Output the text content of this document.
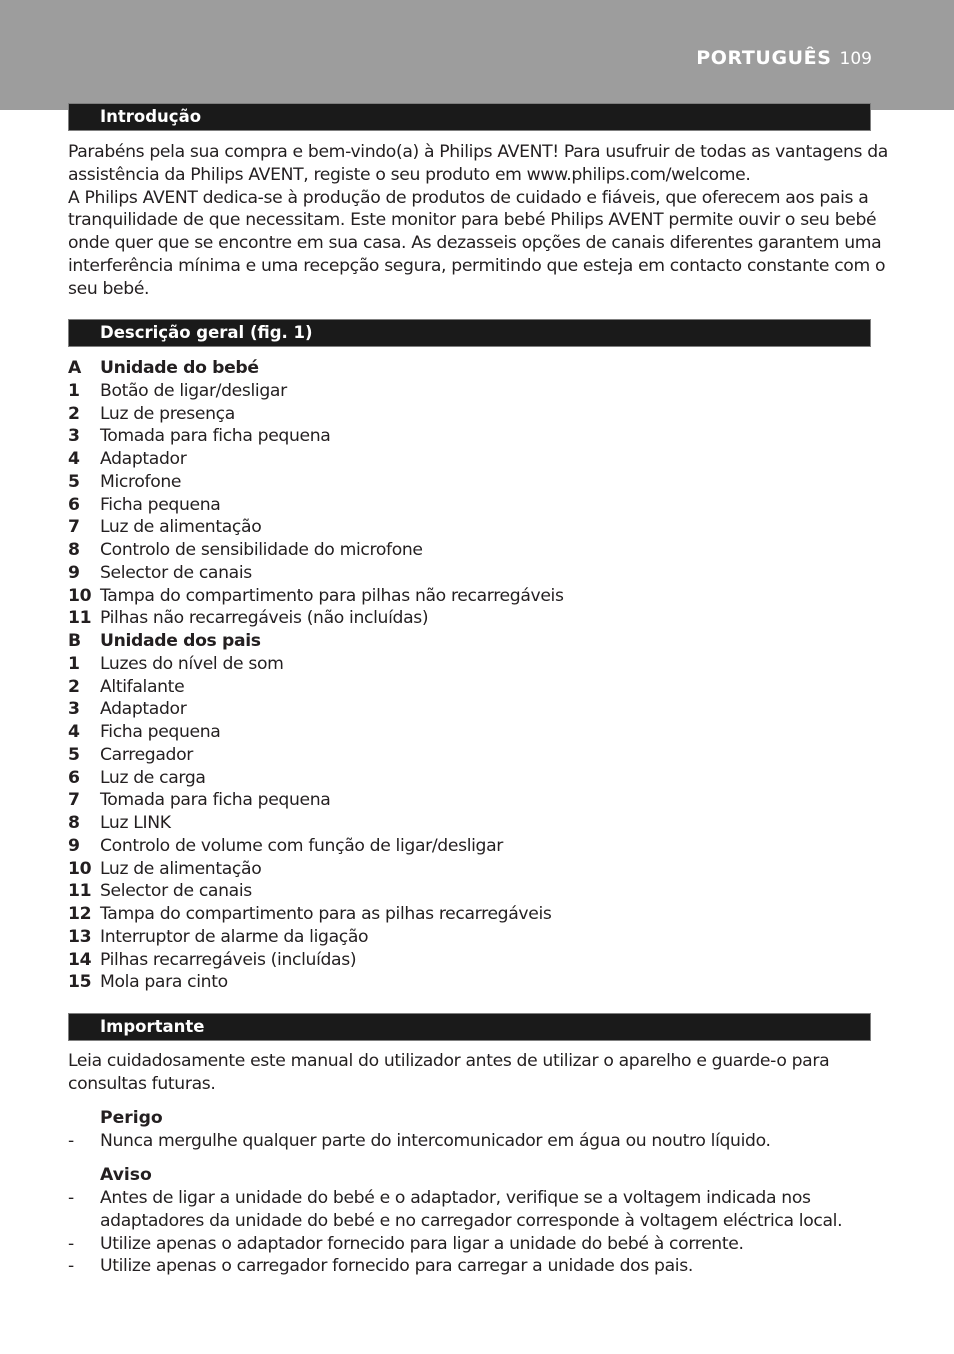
PORTUGUÊS 109
Introdução
Parabéns pela sua compra e bem-vindo(a) à Philips AVENT! Para usufruir de todas as vantagens da
assistência da Philips AVENT, registe o seu produto em www.philips.com/welcome.
A Philips AVENT dedica-se à produção de produtos de cuidado e fiáveis, que oferecem aos pais a
tranquilidade de que necessitam. Este monitor para bebé Philips AVENT permite ouvir o seu bebé
onde quer que se encontre em sua casa. As dezasseis opções de canais diferentes garantem uma
interferência mínima e uma recepção segura, permitindo que esteja em contacto constante com o
seu bebé.
Descrição geral (fig. 1)
A Unidade do bebé
1 Botão de ligar/desligar
2 Luz de presença
3 Tomada para ficha pequena
4 Adaptador
5 Microfone
6 Ficha pequena
7 Luz de alimentação
8 Controlo de sensibilidade do microfone
9 Selector de canais
10 Tampa do compartimento para pilhas não recarregáveis
11 Pilhas não recarregáveis (não incluídas)
B Unidade dos pais
1 Luzes do nível de som
2 Altifalante
3 Adaptador
4 Ficha pequena
5 Carregador
6 Luz de carga
7 Tomada para ficha pequena
8 Luz LINK
9 Controlo de volume com função de ligar/desligar
10 Luz de alimentação
11 Selector de canais
12 Tampa do compartimento para as pilhas recarregáveis
13 Interruptor de alarme da ligação
14 Pilhas recarregáveis (incluídas)
15 Mola para cinto
Importante
Leia cuidadosamente este manual do utilizador antes de utilizar o aparelho e guarde-o para
consultas futuras.
Perigo
- Nunca mergulhe qualquer parte do intercomunicador em água ou noutro líquido.
Aviso
- Antes de ligar a unidade do bebé e o adaptador, verifique se a voltagem indicada nos
adaptadores da unidade do bebé e no carregador corresponde à voltagem eléctrica local.
- Utilize apenas o adaptador fornecido para ligar a unidade do bebé à corrente.
- Utilize apenas o carregador fornecido para carregar a unidade dos pais.
